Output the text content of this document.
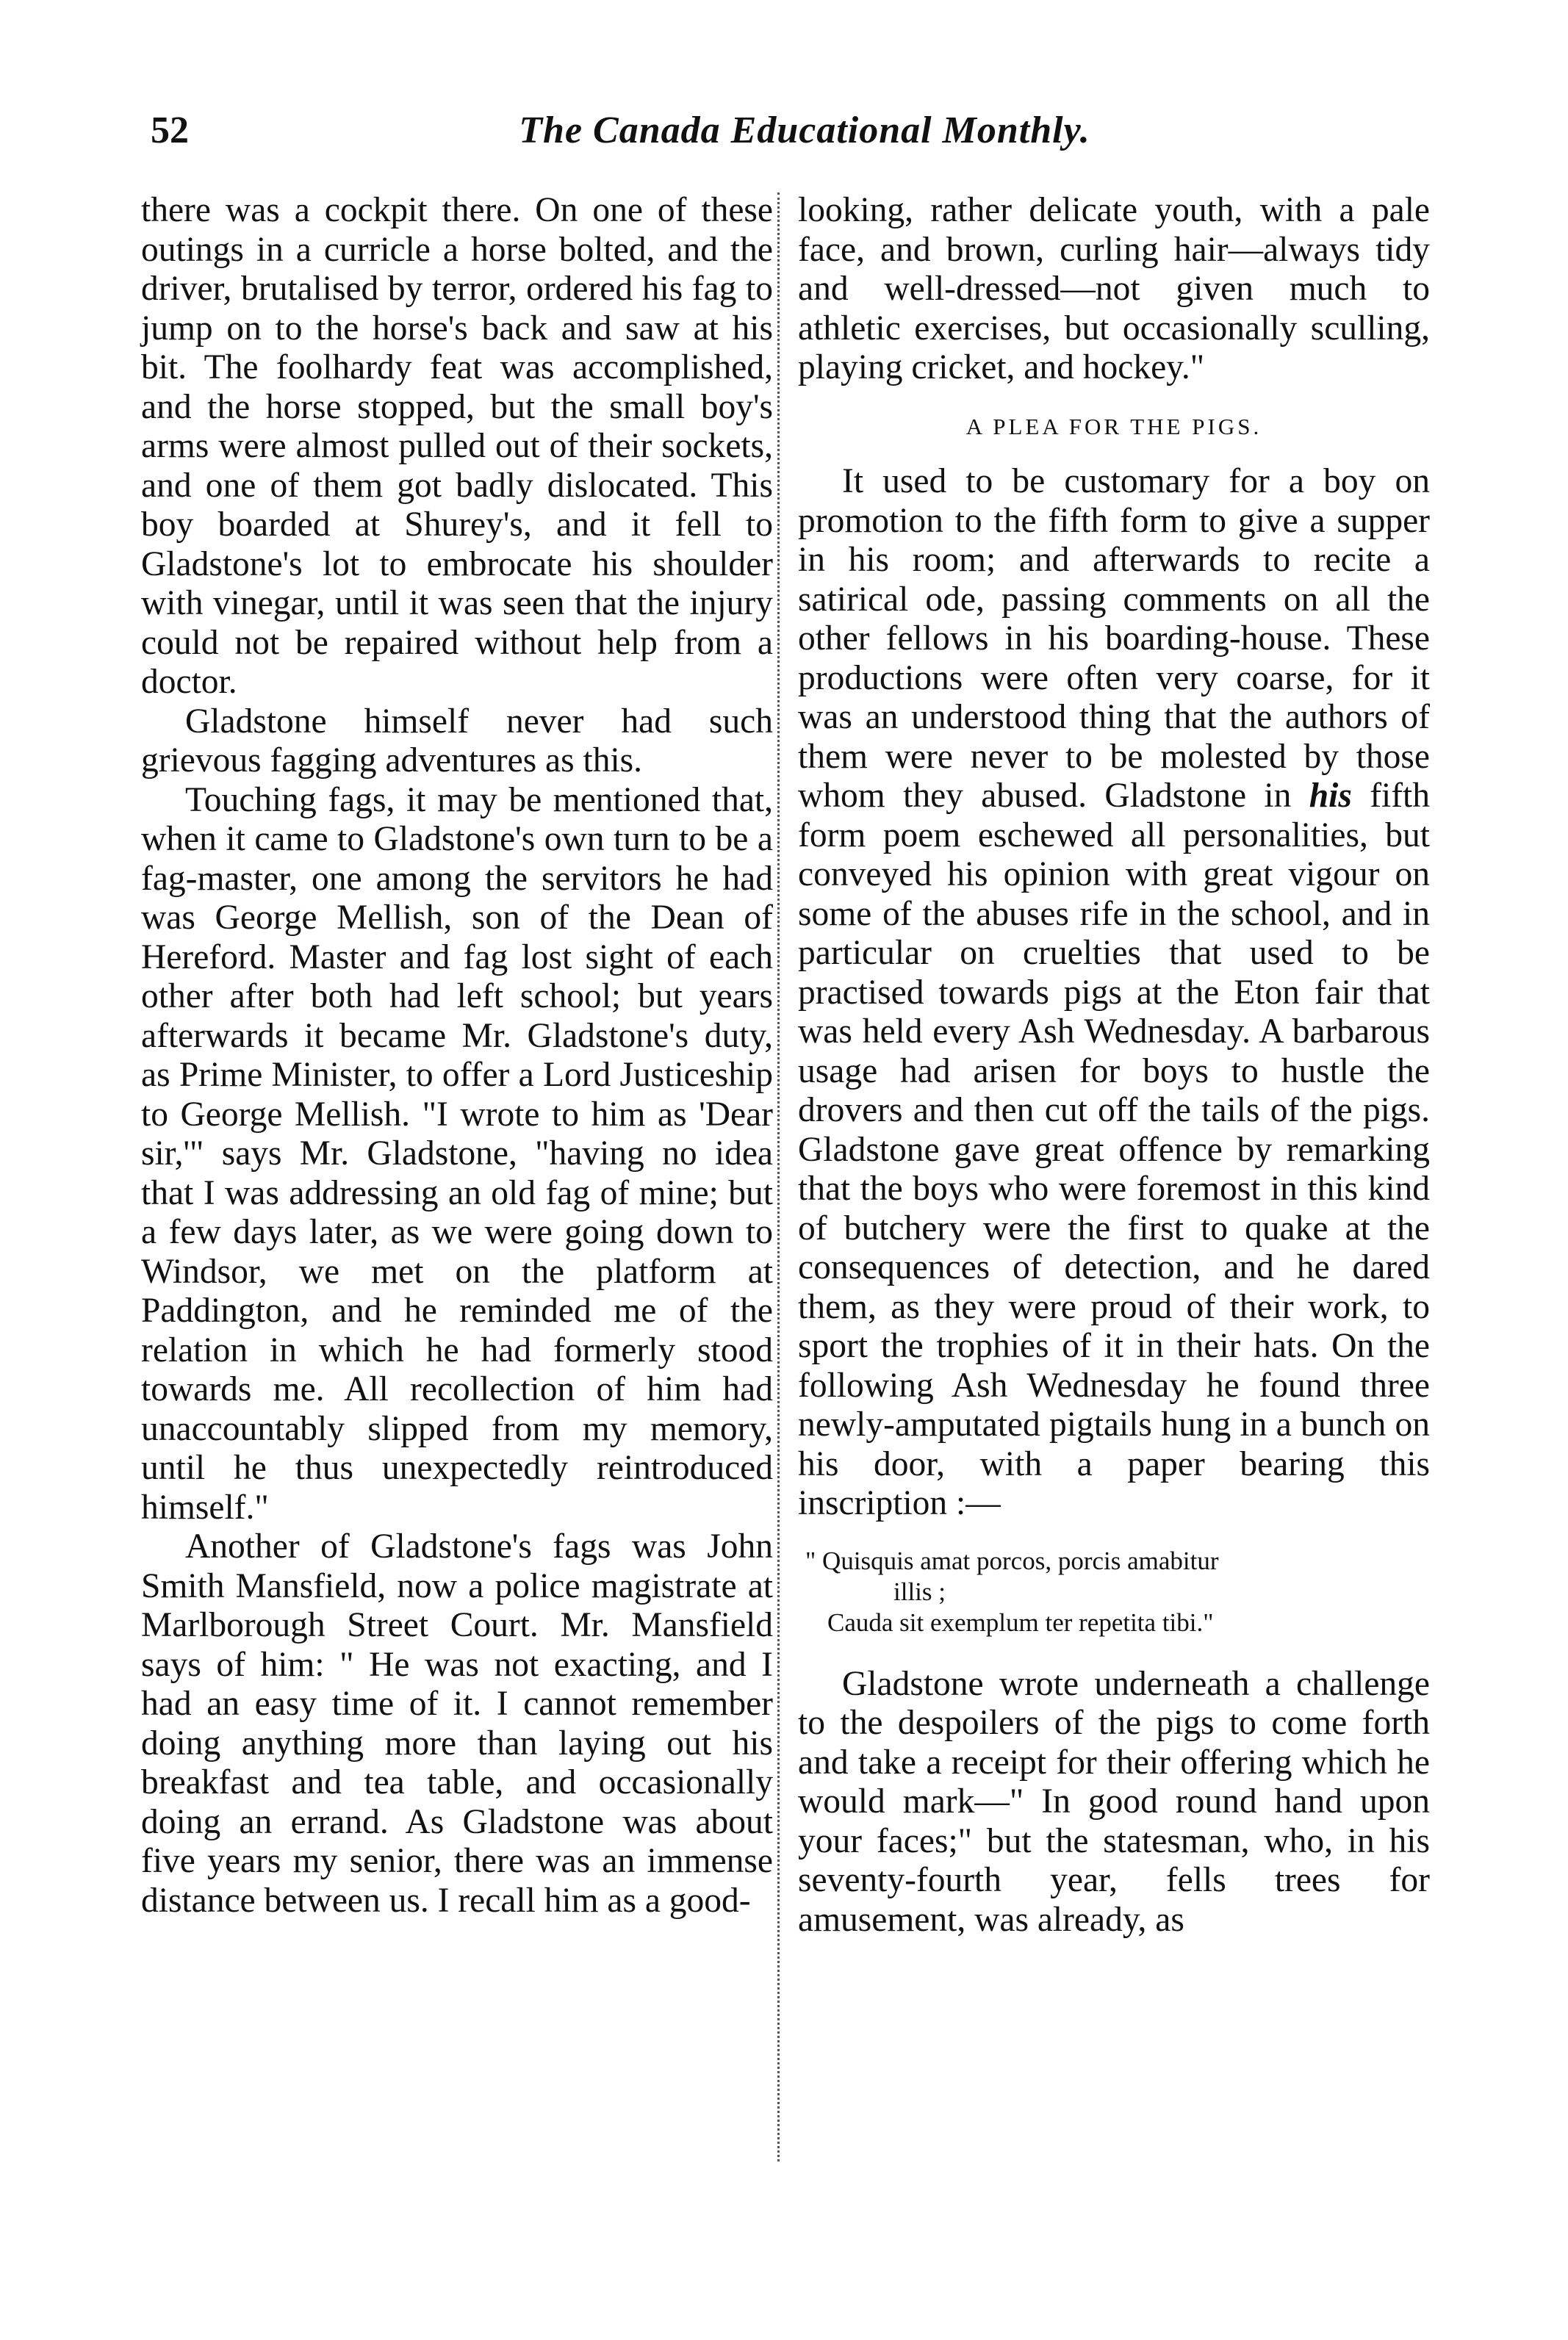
52	The Canada Educational Monthly.

there was a cockpit there. On one of these outings in a curricle a horse bolted, and the driver, brutalised by terror, ordered his fag to jump on to the horse's back and saw at his bit. The foolhardy feat was accomplished, and the horse stopped, but the small boy's arms were almost pulled out of their sockets, and one of them got badly dislocated. This boy boarded at Shurey's, and it fell to Gladstone's lot to embrocate his shoulder with vinegar, until it was seen that the injury could not be repaired without help from a doctor.

Gladstone himself never had such grievous fagging adventures as this.

Touching fags, it may be mentioned that, when it came to Gladstone's own turn to be a fag-master, one among the servitors he had was George Mellish, son of the Dean of Hereford. Master and fag lost sight of each other after both had left school; but years afterwards it became Mr. Gladstone's duty, as Prime Minister, to offer a Lord Justiceship to George Mellish. "I wrote to him as 'Dear sir,'" says Mr. Gladstone, "having no idea that I was addressing an old fag of mine; but a few days later, as we were going down to Windsor, we met on the platform at Paddington, and he reminded me of the relation in which he had formerly stood towards me. All recollection of him had unaccountably slipped from my memory, until he thus unexpectedly reintroduced himself."

Another of Gladstone's fags was John Smith Mansfield, now a police magistrate at Marlborough Street Court. Mr. Mansfield says of him: " He was not exacting, and I had an easy time of it. I cannot remember doing anything more than laying out his breakfast and tea table, and occasionally doing an errand. As Gladstone was about five years my senior, there was an immense distance between us. I recall him as a good-

looking, rather delicate youth, with a pale face, and brown, curling hair—always tidy and well-dressed—not given much to athletic exercises, but occasionally sculling, playing cricket, and hockey."

A PLEA FOR THE PIGS.

It used to be customary for a boy on promotion to the fifth form to give a supper in his room; and afterwards to recite a satirical ode, passing comments on all the other fellows in his boarding-house. These productions were often very coarse, for it was an understood thing that the authors of them were never to be molested by those whom they abused. Gladstone in his fifth form poem eschewed all personalities, but conveyed his opinion with great vigour on some of the abuses rife in the school, and in particular on cruelties that used to be practised towards pigs at the Eton fair that was held every Ash Wednesday. A barbarous usage had arisen for boys to hustle the drovers and then cut off the tails of the pigs. Gladstone gave great offence by remarking that the boys who were foremost in this kind of butchery were the first to quake at the consequences of detection, and he dared them, as they were proud of their work, to sport the trophies of it in their hats. On the following Ash Wednesday he found three newly-amputated pigtails hung in a bunch on his door, with a paper bearing this inscription :—

" Quisquis amat porcos, porcis amabitur
illis ;
Cauda sit exemplum ter repetita tibi."

Gladstone wrote underneath a challenge to the despoilers of the pigs to come forth and take a receipt for their offering which he would mark—" In good round hand upon your faces;" but the statesman, who, in his seventy-fourth year, fells trees for amusement, was already, as
